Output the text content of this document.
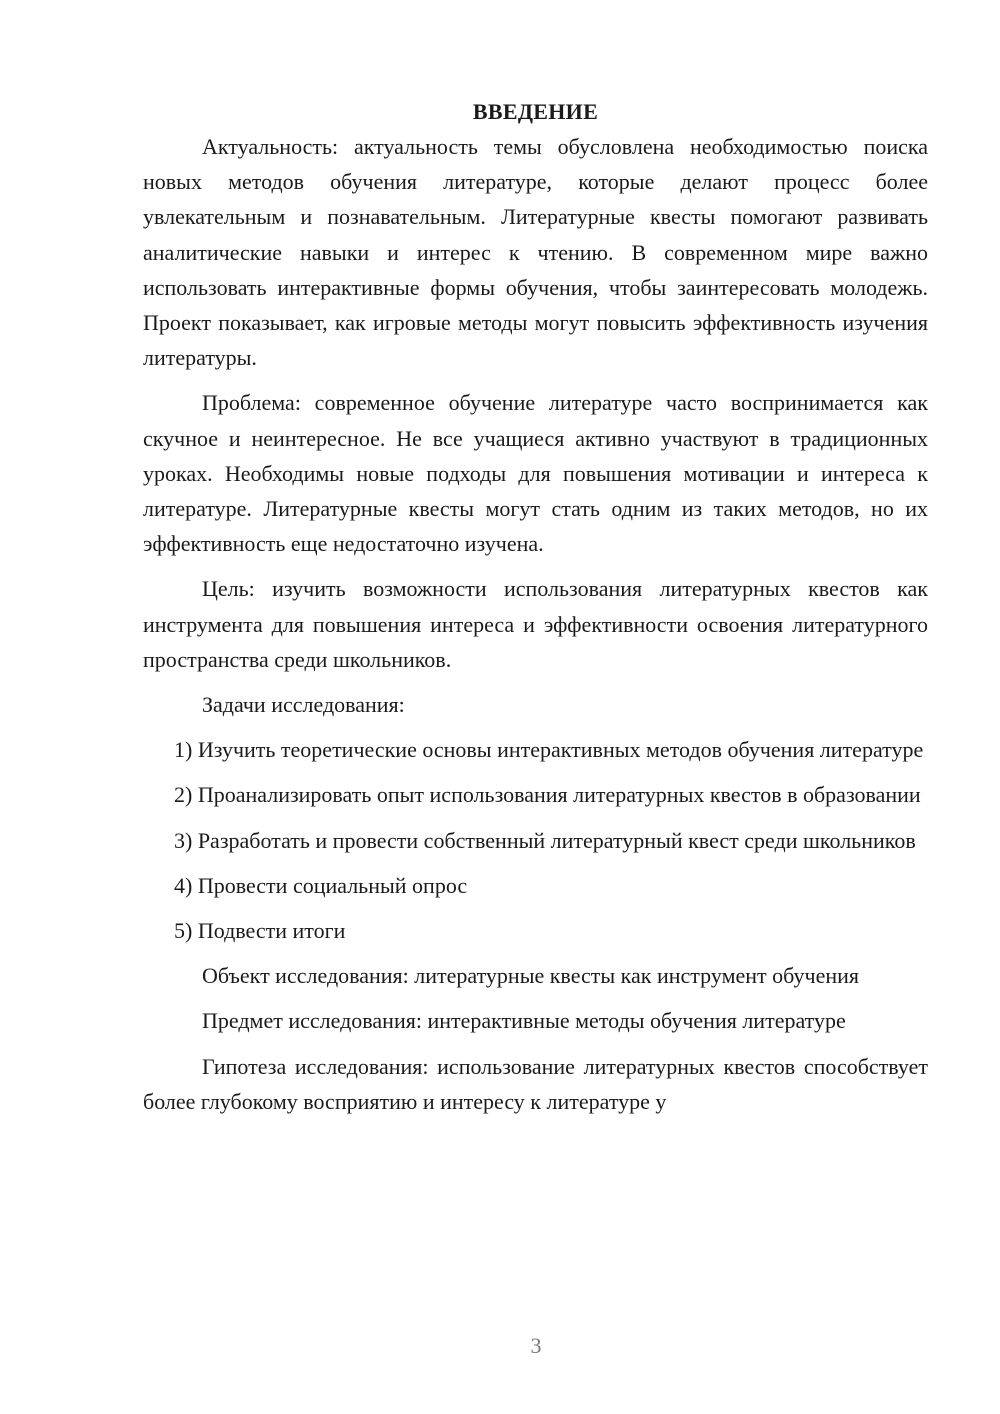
ВВЕДЕНИЕ

Актуальность: актуальность темы обусловлена необходимостью поиска новых методов обучения литературе, которые делают процесс более увлекательным и познавательным. Литературные квесты помогают развивать аналитические навыки и интерес к чтению. В современном мире важно использовать интерактивные формы обучения, чтобы заинтересовать молодежь. Проект показывает, как игровые методы могут повысить эффективность изучения литературы.

Проблема: современное обучение литературе часто воспринимается как скучное и неинтересное. Не все учащиеся активно участвуют в традиционных уроках. Необходимы новые подходы для повышения мотивации и интереса к литературе. Литературные квесты могут стать одним из таких методов, но их эффективность еще недостаточно изучена.

Цель: изучить возможности использования литературных квестов как инструмента для повышения интереса и эффективности освоения литературного пространства среди школьников.

Задачи исследования:

1) Изучить теоретические основы интерактивных методов обучения литературе

2) Проанализировать опыт использования литературных квестов в образовании

3) Разработать и провести собственный литературный квест среди школьников

4) Провести социальный опрос

5) Подвести итоги

Объект исследования: литературные квесты как инструмент обучения

Предмет исследования: интерактивные методы обучения литературе

Гипотеза исследования: использование литературных квестов способствует более глубокому восприятию и интересу к литературе у

3
